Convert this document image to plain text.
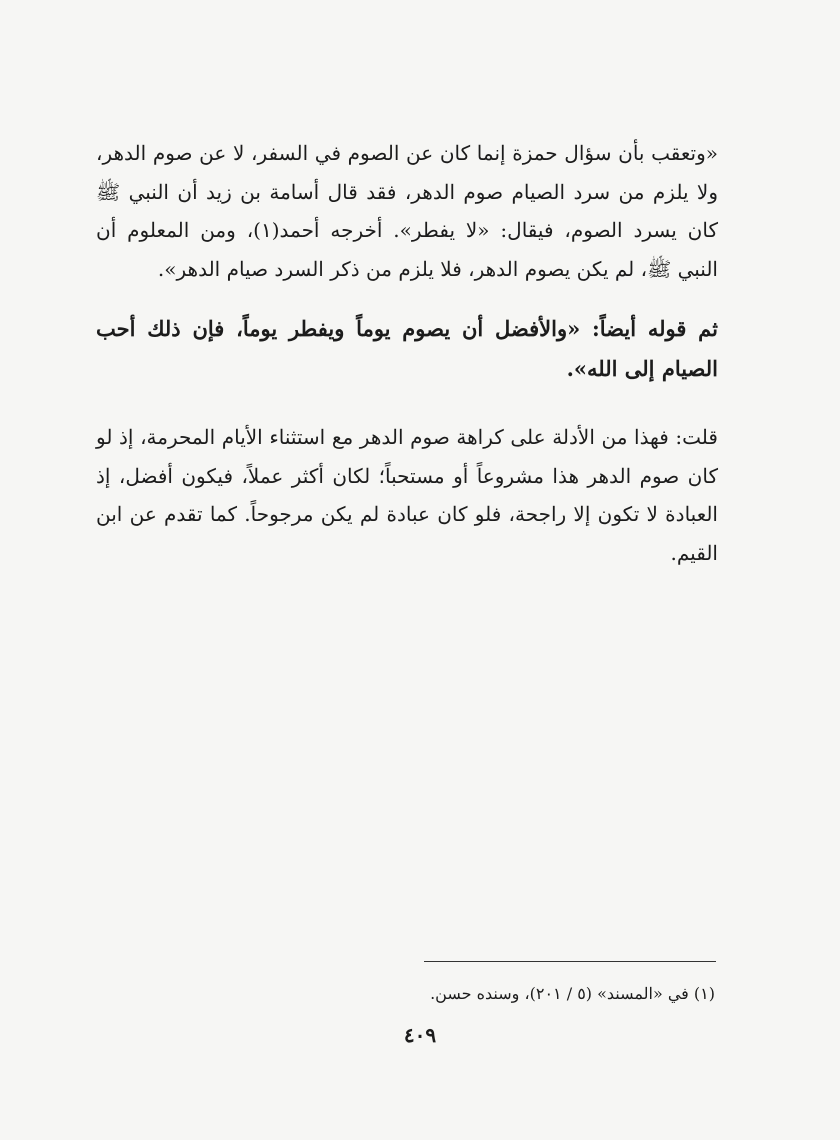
«وتعقب بأن سؤال حمزة إنما كان عن الصوم في السفر، لا عن صوم الدهر، ولا يلزم من سرد الصيام صوم الدهر، فقد قال أسامة بن زيد أن النبي ﷺ كان يسرد الصوم، فيقال: «لا يفطر». أخرجه أحمد(١)، ومن المعلوم أن النبي ﷺ، لم يكن يصوم الدهر، فلا يلزم من ذكر السرد صيام الدهر».

ثم قوله أيضاً: «والأفضل أن يصوم يوماً ويفطر يوماً، فإن ذلك أحب الصيام إلى الله».

قلت: فهذا من الأدلة على كراهة صوم الدهر مع استثناء الأيام المحرمة، إذ لو كان صوم الدهر هذا مشروعاً أو مستحباً؛ لكان أكثر عملاً، فيكون أفضل، إذ العبادة لا تكون إلا راجحة، فلو كان عبادة لم يكن مرجوحاً. كما تقدم عن ابن القيم.

(١) في «المسند» (٥ / ٢٠١)، وسنده حسن.

٤٠٩
